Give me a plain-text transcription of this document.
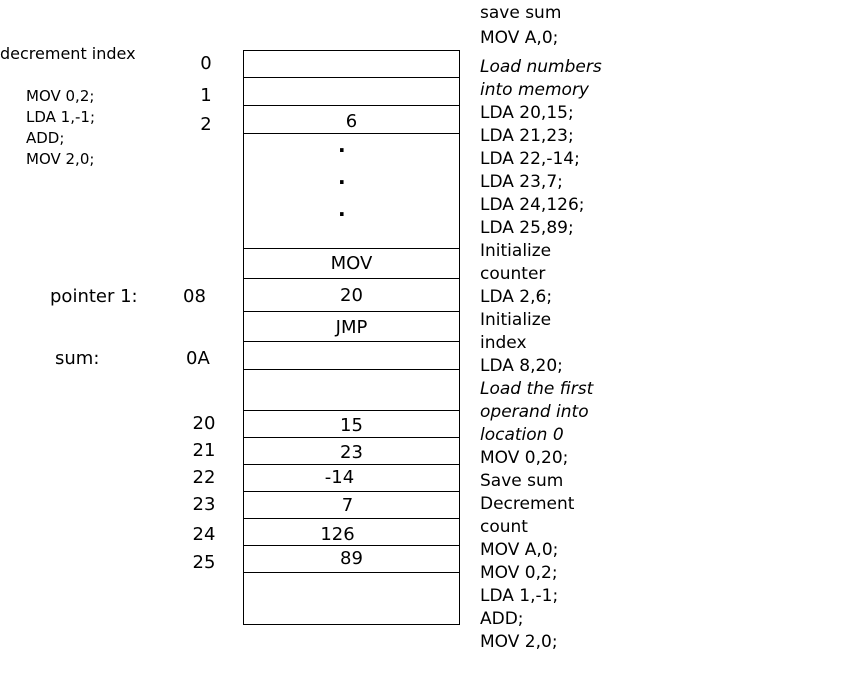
decrement index
MOV 0,2;
LDA 1,-1;
ADD;
MOV 2,0;
pointer 1:	08
sum:	0A
0
1
2
20
21
22
23
24
25
6
.
.
.
MOV
20
JMP
15
23
-14
7
126
89
save sum
MOV A,0;
Load numbers
into memory
LDA 20,15;
LDA 21,23;
LDA 22,-14;
LDA 23,7;
LDA 24,126;
LDA 25,89;
Initialize
counter
LDA 2,6;
Initialize
index
LDA 8,20;
Load the first
operand into
location 0
MOV 0,20;
Save sum
Decrement
count
MOV A,0;
MOV 0,2;
LDA 1,-1;
ADD;
MOV 2,0;
